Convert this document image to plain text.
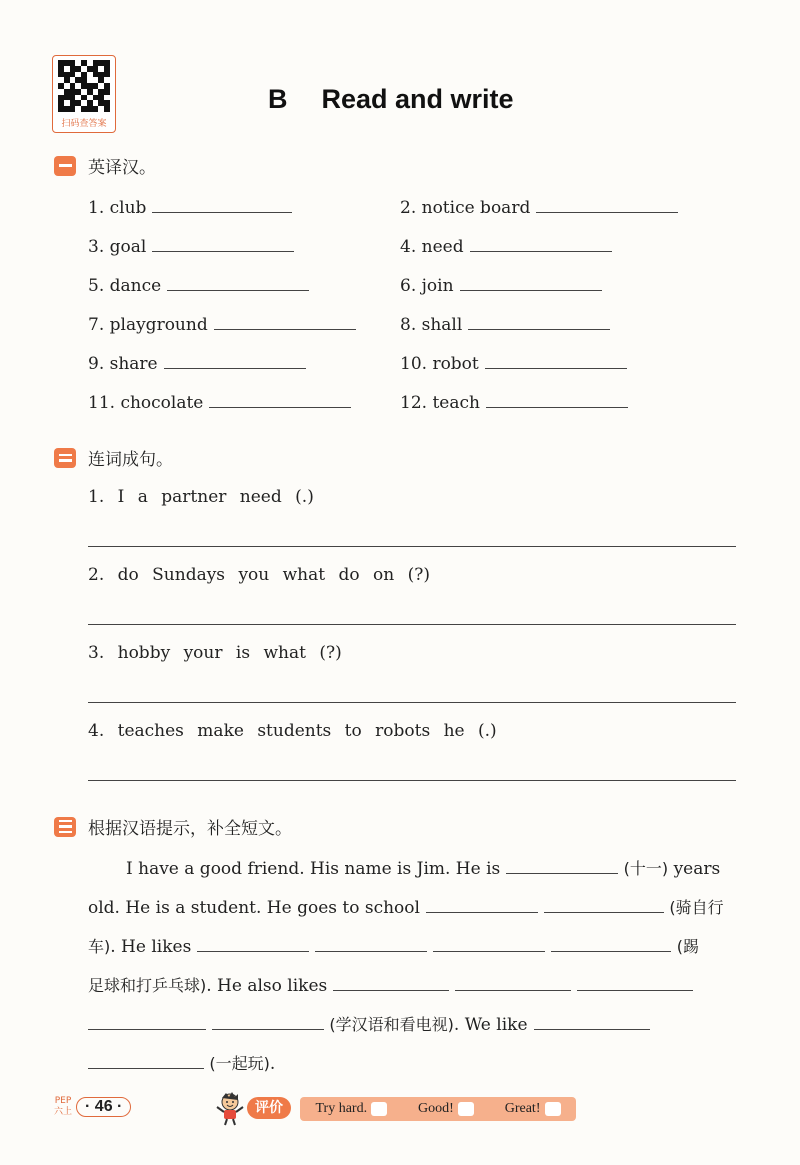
扫码查答案
B Read and write
英译汉。
1. club	2. notice board
3. goal	4. need
5. dance	6. join
7. playground	8. shall
9. share	10. robot
11. chocolate	12. teach
连词成句。
1. I a partner need (.)
2. do Sundays you what do on (?)
3. hobby your is what (?)
4. teaches make students to robots he (.)
根据汉语提示，补全短文。
I have a good friend. His name is Jim. He is	(十一) years
old. He is a student. He goes to school	(骑自行
车). He likes	(踢
足球和打乒乓球). He also likes
(学汉语和看电视). We like
(一起玩).
PEP
六上 · 46 ·	评价	Try hard.	Good!	Great!
